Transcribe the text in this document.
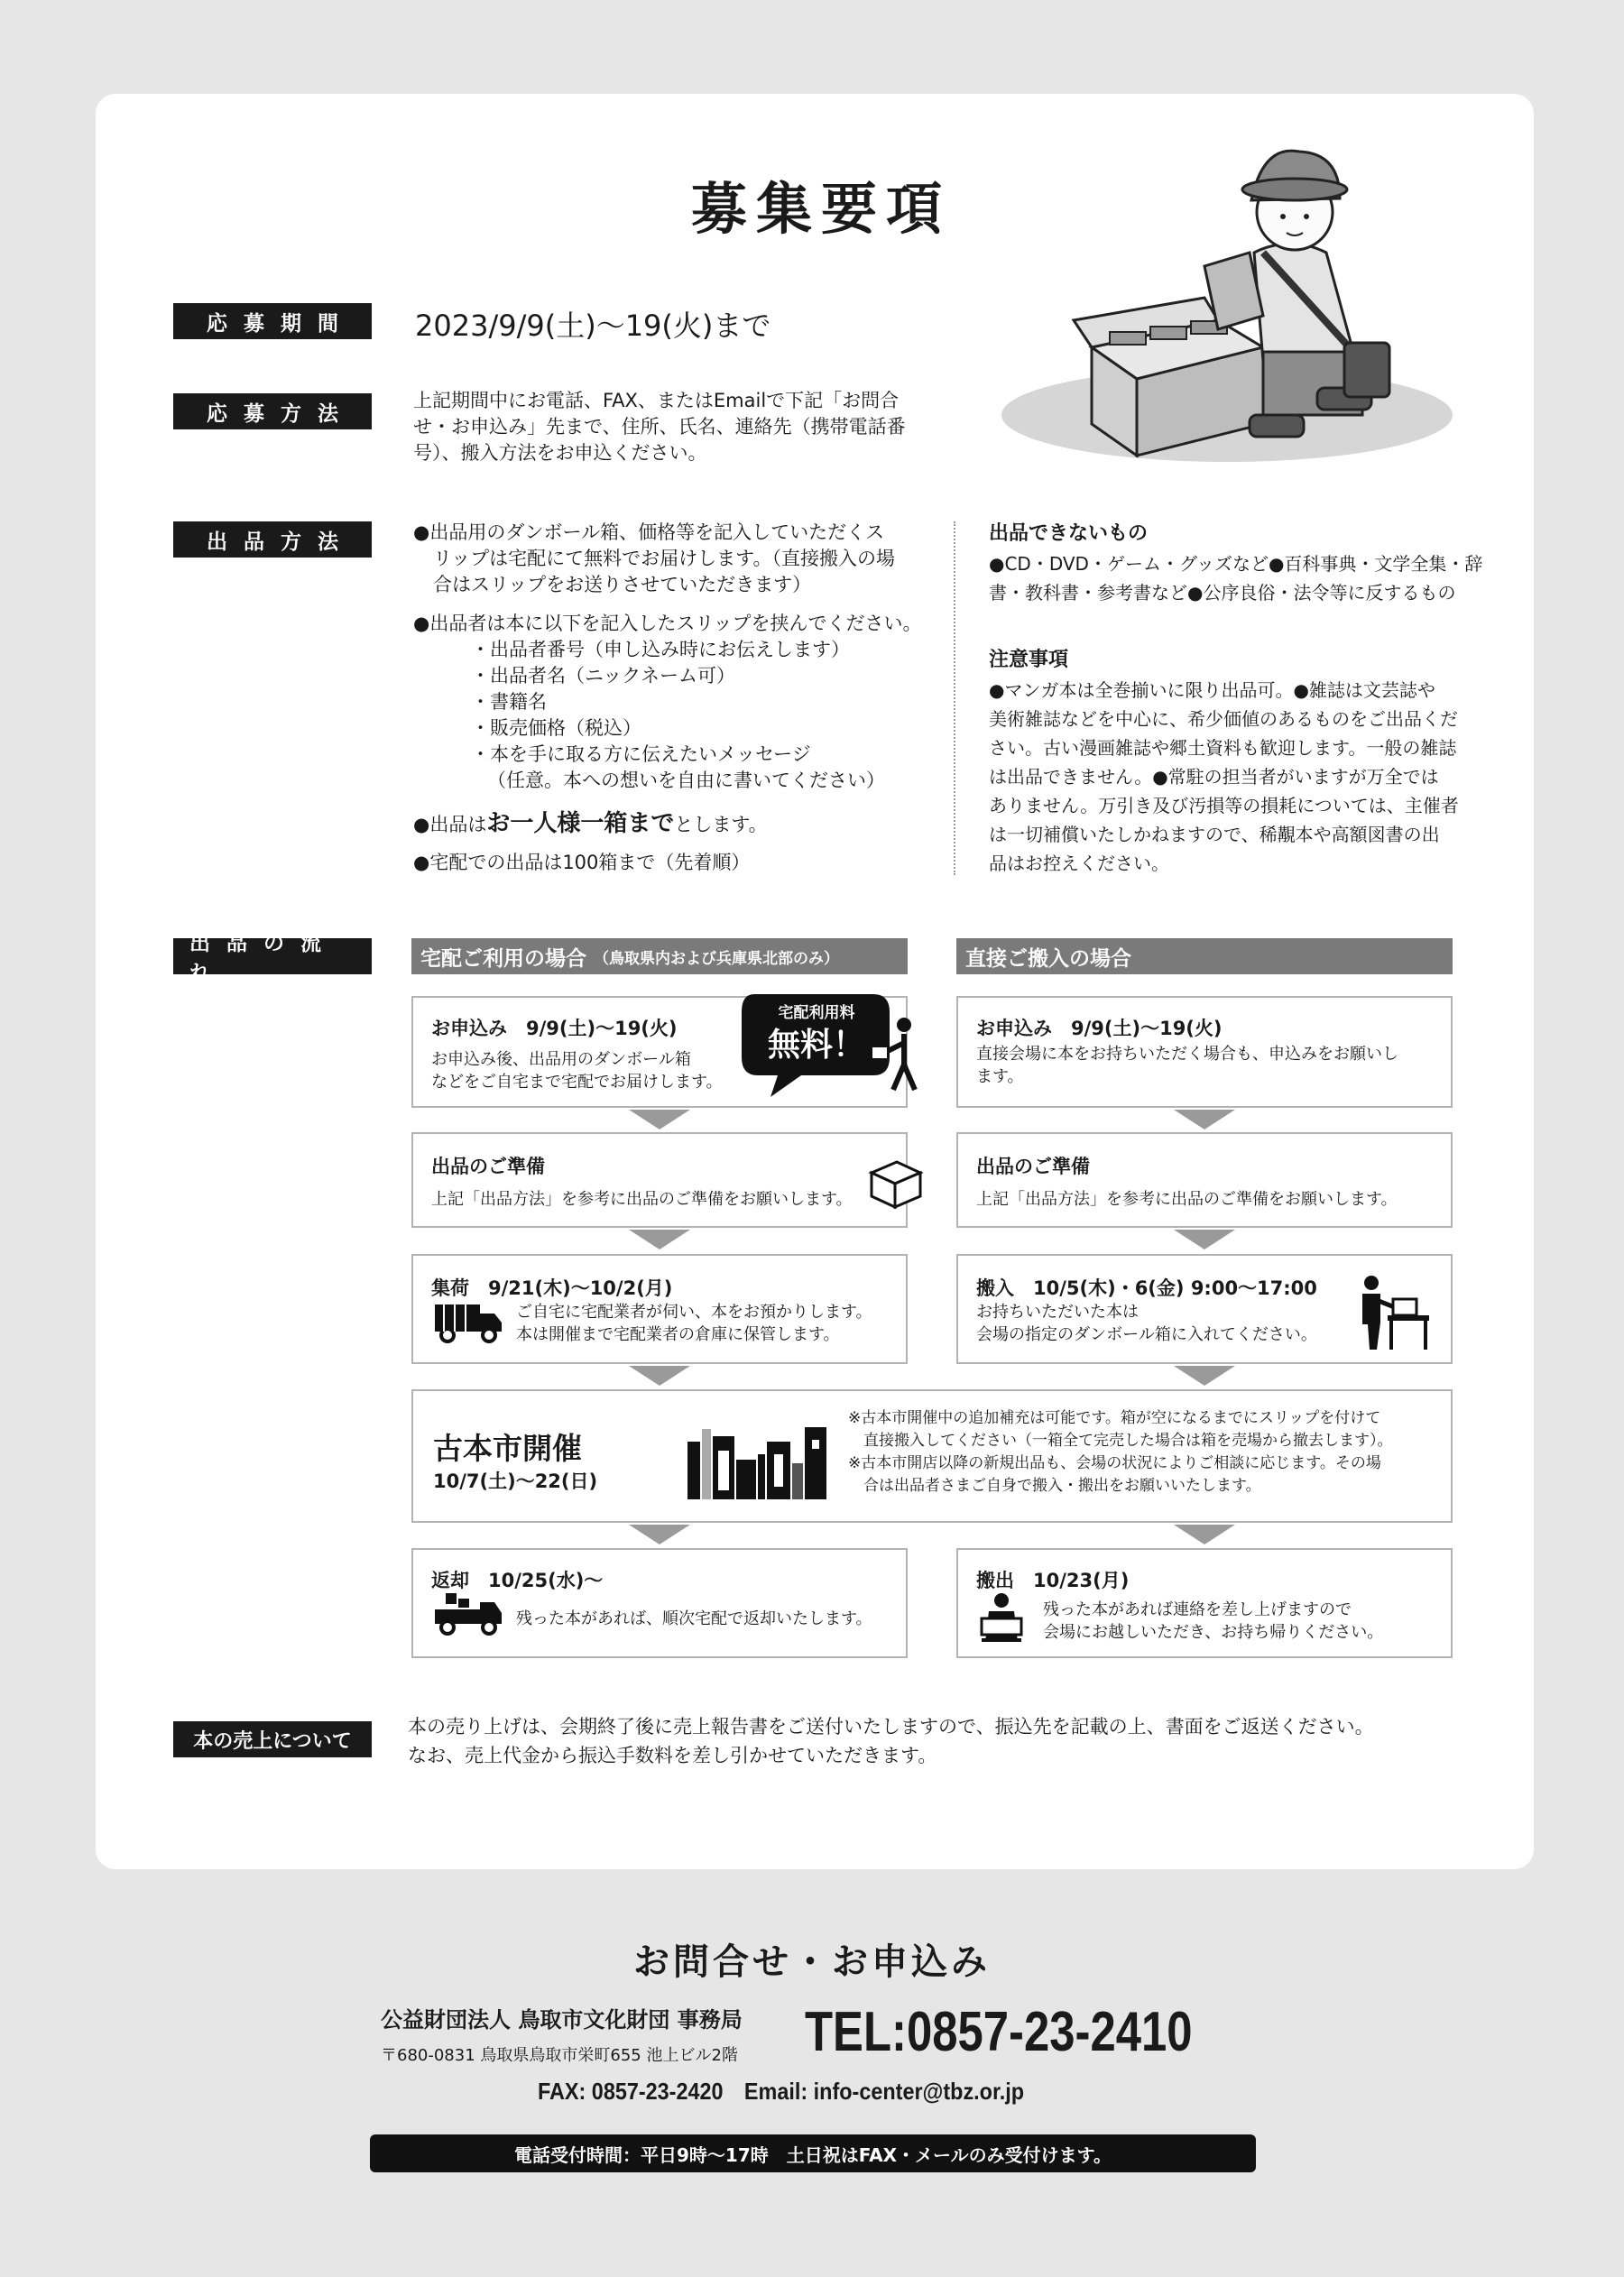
募集要項
応募期間	2023/9/9(土)〜19(火)まで
応募方法
上記期間中にお電話、FAX、またはEmailで下記「お問合
せ・お申込み」先まで、住所、氏名、連絡先（携帯電話番
号）、搬入方法をお申込ください。
出品方法	●出品用のダンボール箱、価格等を記入していただくス
リップは宅配にて無料でお届けします。（直接搬入の場
合はスリップをお送りさせていただきます）
●出品者は本に以下を記入したスリップを挟んでください。
・出品者番号（申し込み時にお伝えします）
・出品者名（ニックネーム可）
・書籍名
・販売価格（税込）
・本を手に取る方に伝えたいメッセージ
（任意。本への想いを自由に書いてください）
●出品はお一人様一箱までとします。
●宅配での出品は100箱まで（先着順）
出品できないもの
●CD・DVD・ゲーム・グッズなど●百科事典・文学全集・辞
書・教科書・参考書など●公序良俗・法令等に反するもの
注意事項
●マンガ本は全巻揃いに限り出品可。●雑誌は文芸誌や
美術雑誌などを中心に、希少価値のあるものをご出品くだ
さい。古い漫画雑誌や郷土資料も歓迎します。一般の雑誌
は出品できません。●常駐の担当者がいますが万全では
ありません。万引き及び汚損等の損耗については、主催者
は一切補償いたしかねますので、稀覯本や高額図書の出
品はお控えください。
出品の流れ
宅配ご利用の場合 （鳥取県内および兵庫県北部のみ）	直接ご搬入の場合
お申込み　9/9(土)〜19(火)
お申込み後、出品用のダンボール箱
などをご自宅まで宅配でお届けします。
宅配利用料
無料！
出品のご準備
上記「出品方法」を参考に出品のご準備をお願いします。
集荷　9/21(木)〜10/2(月)
ご自宅に宅配業者が伺い、本をお預かりします。
本は開催まで宅配業者の倉庫に保管します。
お申込み　9/9(土)〜19(火)
直接会場に本をお持ちいただく場合も、申込みをお願いし
ます。
出品のご準備
上記「出品方法」を参考に出品のご準備をお願いします。
搬入　10/5(木)・6(金) 9:00〜17:00
お持ちいただいた本は
会場の指定のダンボール箱に入れてください。
古本市開催
10/7(土)〜22(日)
※古本市開催中の追加補充は可能です。箱が空になるまでにスリップを付けて
　直接搬入してください（一箱全て完売した場合は箱を売場から撤去します）。
※古本市開店以降の新規出品も、会場の状況によりご相談に応じます。その場
　合は出品者さまご自身で搬入・搬出をお願いいたします。
返却　10/25(水)〜
残った本があれば、順次宅配で返却いたします。
搬出　10/23(月)
残った本があれば連絡を差し上げますので
会場にお越しいただき、お持ち帰りください。
本の売上について
本の売り上げは、会期終了後に売上報告書をご送付いたしますので、振込先を記載の上、書面をご返送ください。
なお、売上代金から振込手数料を差し引かせていただきます。
お問合せ・お申込み
公益財団法人 鳥取市文化財団 事務局
〒680-0831 鳥取県鳥取市栄町655 池上ビル2階 TEL:0857-23-2410
FAX: 0857-23-2420　Email: info-center@tbz.or.jp
電話受付時間：平日9時〜17時　土日祝はFAX・メールのみ受付けます。
